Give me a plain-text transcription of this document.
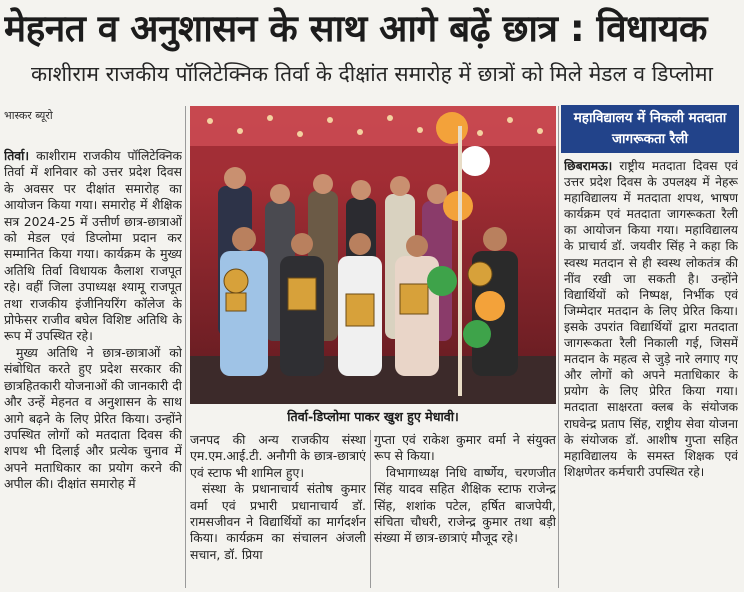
मेहनत व अनुशासन के साथ आगे बढ़ें छात्र : विधायक
काशीराम राजकीय पॉलिटेक्निक तिर्वा के दीक्षांत समारोह में छात्रों को मिले मेडल व डिप्लोमा
भास्कर ब्यूरो

तिर्वा। काशीराम राजकीय पॉलिटेक्निक तिर्वा में शनिवार को उत्तर प्रदेश दिवस के अवसर पर दीक्षांत समारोह का आयोजन किया गया। समारोह में शैक्षिक सत्र 2024-25 में उत्तीर्ण छात्र-छात्राओं को मेडल एवं डिप्लोमा प्रदान कर सम्मानित किया गया। कार्यक्रम के मुख्य अतिथि तिर्वा विधायक कैलाश राजपूत रहे। वहीं जिला उपाध्यक्ष श्यामू राजपूत तथा राजकीय इंजीनियरिंग कॉलेज के प्रोफेसर राजीव बघेल विशिष्ट अतिथि के रूप में उपस्थित रहे।

मुख्य अतिथि ने छात्र-छात्राओं को संबोधित करते हुए प्रदेश सरकार की छात्रहितकारी योजनाओं की जानकारी दी और उन्हें मेहनत व अनुशासन के साथ आगे बढ़ने के लिए प्रेरित किया। उन्होंने उपस्थित लोगों को मतदाता दिवस की शपथ भी दिलाई और प्रत्येक चुनाव में अपने मताधिकार का प्रयोग करने की अपील की। दीक्षांत समारोह में

तिर्वा-डिप्लोमा पाकर खुश हुए मेधावी।

जनपद की अन्य राजकीय संस्था एम.एम.आई.टी. अनौगी के छात्र-छात्राएं एवं स्टाफ भी शामिल हुए।

संस्था के प्रधानाचार्य संतोष कुमार वर्मा एवं प्रभारी प्रधानाचार्य डॉ. रामसजीवन ने विद्यार्थियों का मार्गदर्शन किया। कार्यक्रम का संचालन अंजली सचान, डॉ. प्रिया

गुप्ता एवं राकेश कुमार वर्मा ने संयुक्त रूप से किया।

विभागाध्यक्ष निधि वार्ष्णेय, चरणजीत सिंह यादव सहित शैक्षिक स्टाफ राजेन्द्र सिंह, शशांक पटेल, हर्षित बाजपेयी, संचिता चौधरी, राजेन्द्र कुमार तथा बड़ी संख्या में छात्र-छात्राएं मौजूद रहे।

महाविद्यालय में निकली मतदाता जागरूकता रैली

छिबरामऊ। राष्ट्रीय मतदाता दिवस एवं उत्तर प्रदेश दिवस के उपलक्ष्य में नेहरू महाविद्यालय में मतदाता शपथ, भाषण कार्यक्रम एवं मतदाता जागरूकता रैली का आयोजन किया गया। महाविद्यालय के प्राचार्य डॉ. जयवीर सिंह ने कहा कि स्वस्थ मतदान से ही स्वस्थ लोकतंत्र की नींव रखी जा सकती है। उन्होंने विद्यार्थियों को निष्पक्ष, निर्भीक एवं जिम्मेदार मतदान के लिए प्रेरित किया। इसके उपरांत विद्यार्थियों द्वारा मतदाता जागरूकता रैली निकाली गई, जिसमें मतदान के महत्व से जुड़े नारे लगाए गए और लोगों को अपने मताधिकार के प्रयोग के लिए प्रेरित किया गया। मतदाता साक्षरता क्लब के संयोजक राघवेन्द्र प्रताप सिंह, राष्ट्रीय सेवा योजना के संयोजक डॉ. आशीष गुप्ता सहित महाविद्यालय के समस्त शिक्षक एवं शिक्षणेतर कर्मचारी उपस्थित रहे।
